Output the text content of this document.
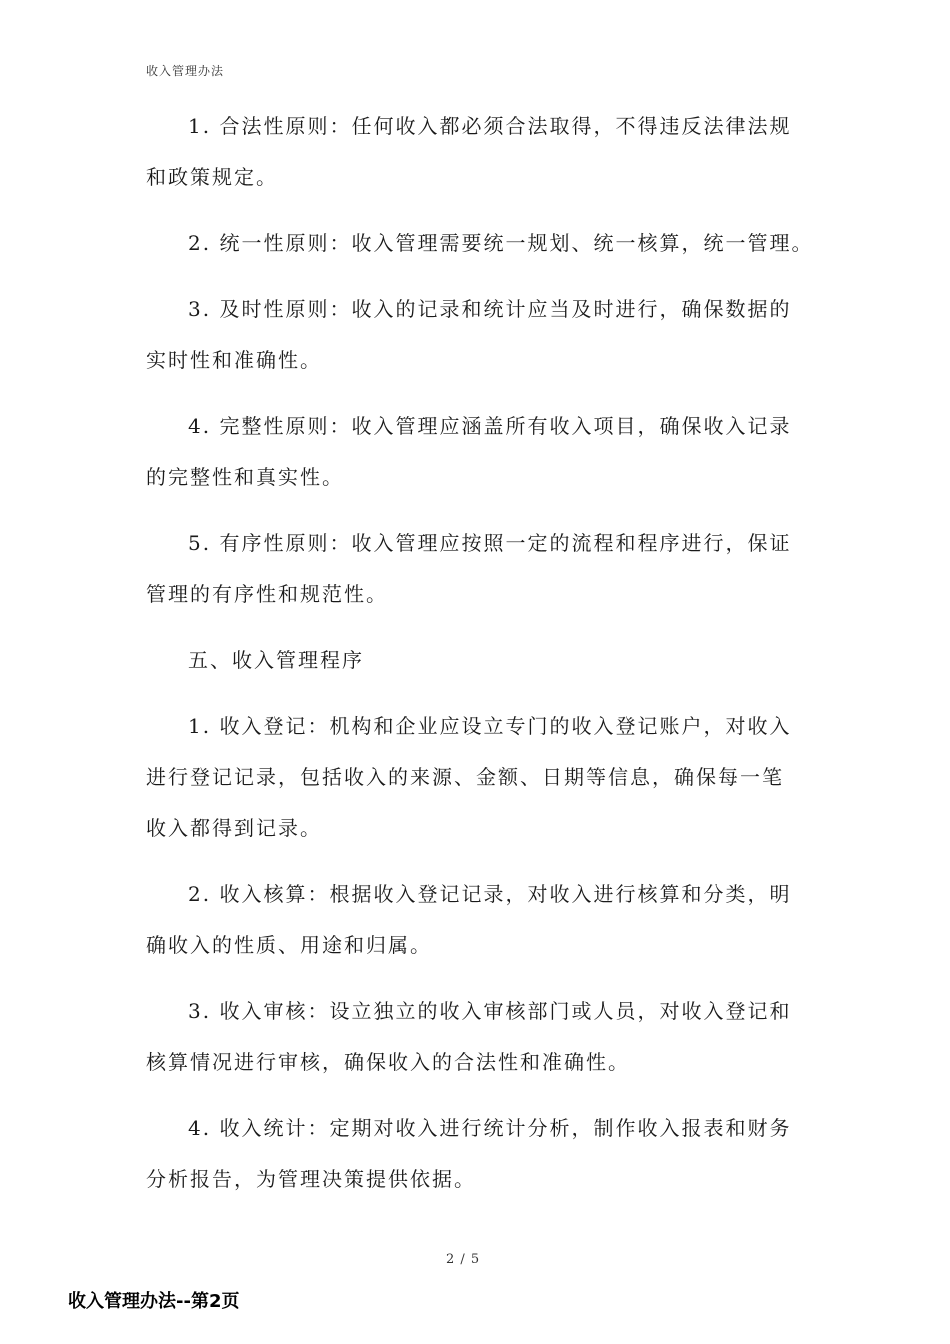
收入管理办法
1. 合法性原则：任何收入都必须合法取得，不得违反法律法规
和政策规定。
2. 统一性原则：收入管理需要统一规划、统一核算，统一管理。
3. 及时性原则：收入的记录和统计应当及时进行，确保数据的
实时性和准确性。
4. 完整性原则：收入管理应涵盖所有收入项目，确保收入记录
的完整性和真实性。
5. 有序性原则：收入管理应按照一定的流程和程序进行，保证
管理的有序性和规范性。
五、收入管理程序
1. 收入登记：机构和企业应设立专门的收入登记账户，对收入
进行登记记录，包括收入的来源、金额、日期等信息，确保每一笔
收入都得到记录。
2. 收入核算：根据收入登记记录，对收入进行核算和分类，明
确收入的性质、用途和归属。
3. 收入审核：设立独立的收入审核部门或人员，对收入登记和
核算情况进行审核，确保收入的合法性和准确性。
4. 收入统计：定期对收入进行统计分析，制作收入报表和财务
分析报告，为管理决策提供依据。
2 / 5
收入管理办法--第2页
